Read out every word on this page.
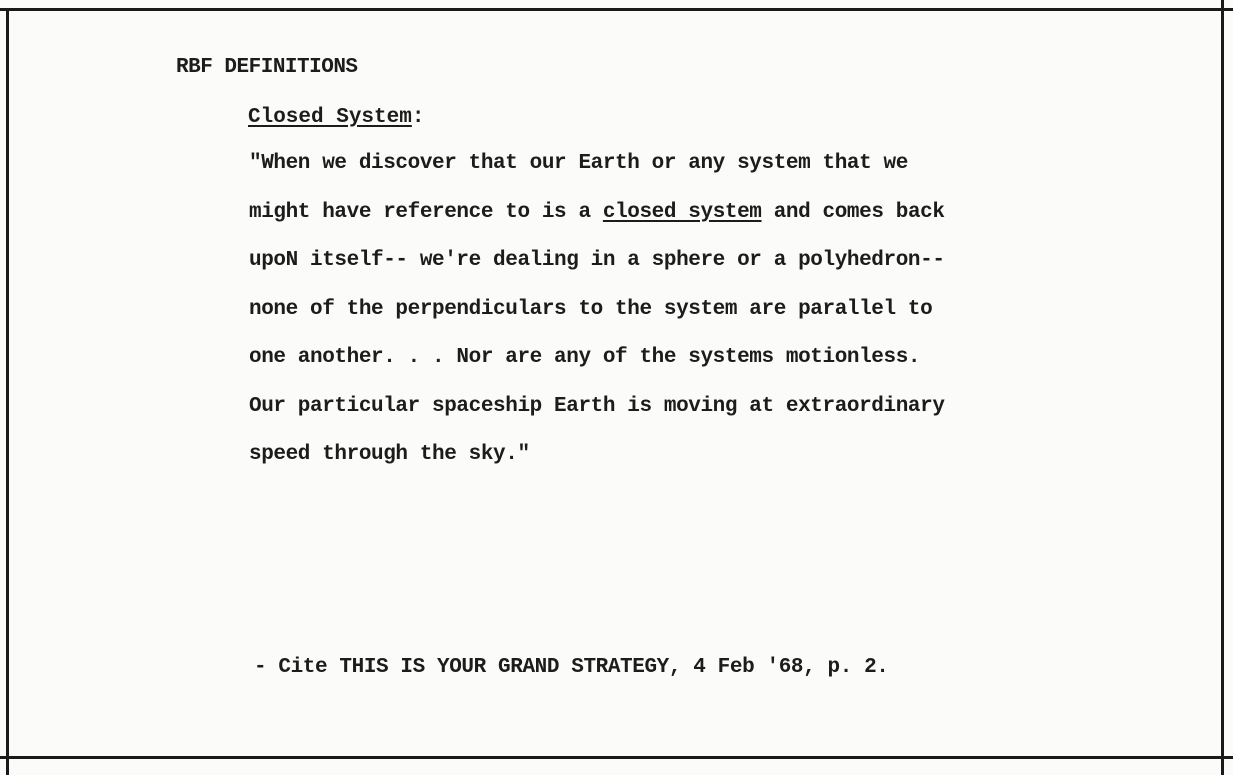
RBF DEFINITIONS
Closed System:
"When we discover that our Earth or any system that we
might have reference to is a closed system and comes back
upoN itself-- we're dealing in a sphere or a polyhedron--
none of the perpendiculars to the system are parallel to
one another. . . Nor are any of the systems motionless.
Our particular spaceship Earth is moving at extraordinary
speed through the sky."
- Cite THIS IS YOUR GRAND STRATEGY, 4 Feb '68, p. 2.
